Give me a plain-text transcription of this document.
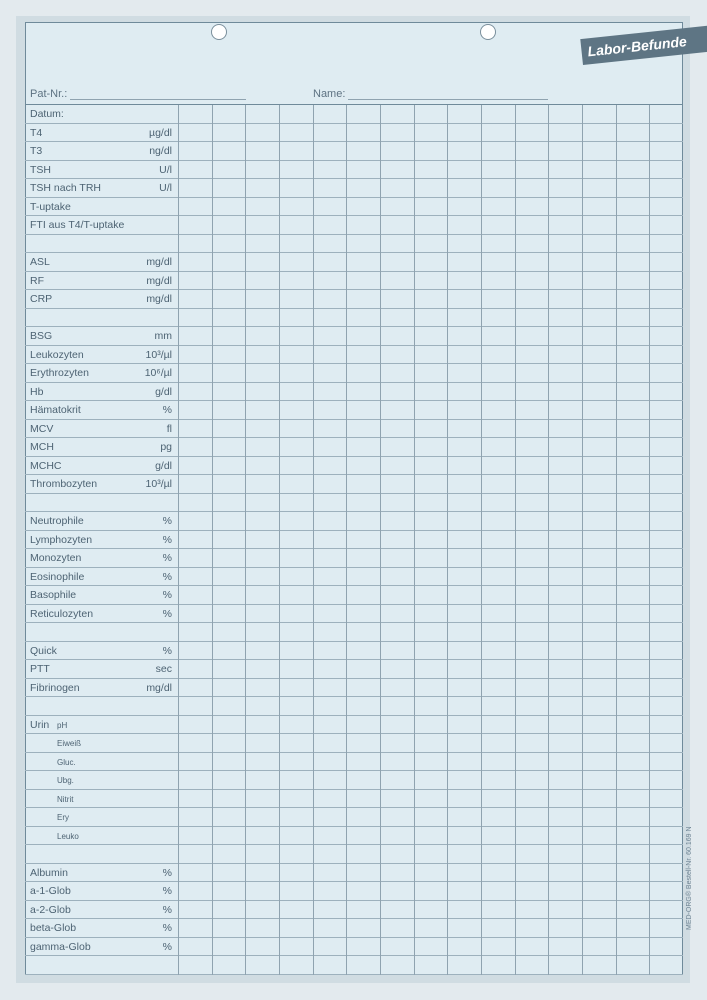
Labor-Befunde
Pat-Nr.:	Name:
Datum:
T4	µg/dl
T3	ng/dl
TSH	U/l
TSH nach TRH	U/l
T-uptake
FTI aus T4/T-uptake
ASL	mg/dl
RF	mg/dl
CRP	mg/dl
BSG	mm
Leukozyten	10³/µl
Erythrozyten	10⁶/µl
Hb	g/dl
Hämatokrit	%
MCV	fl
MCH	pg
MCHC	g/dl
Thrombozyten	10³/µl
Neutrophile	%
Lymphozyten	%
Monozyten	%
Eosinophile	%
Basophile	%
Reticulozyten	%
Quick	%
PTT	sec
Fibrinogen	mg/dl
Urin pH
Eiweiß
Gluc.
Ubg.
Nitrit
Ery
Leuko
Albumin	%
a-1-Glob	%
a-2-Glob	%
beta-Glob	%
gamma-Glob	%
MED-ORG® Bestell-Nr. 60.169 N
